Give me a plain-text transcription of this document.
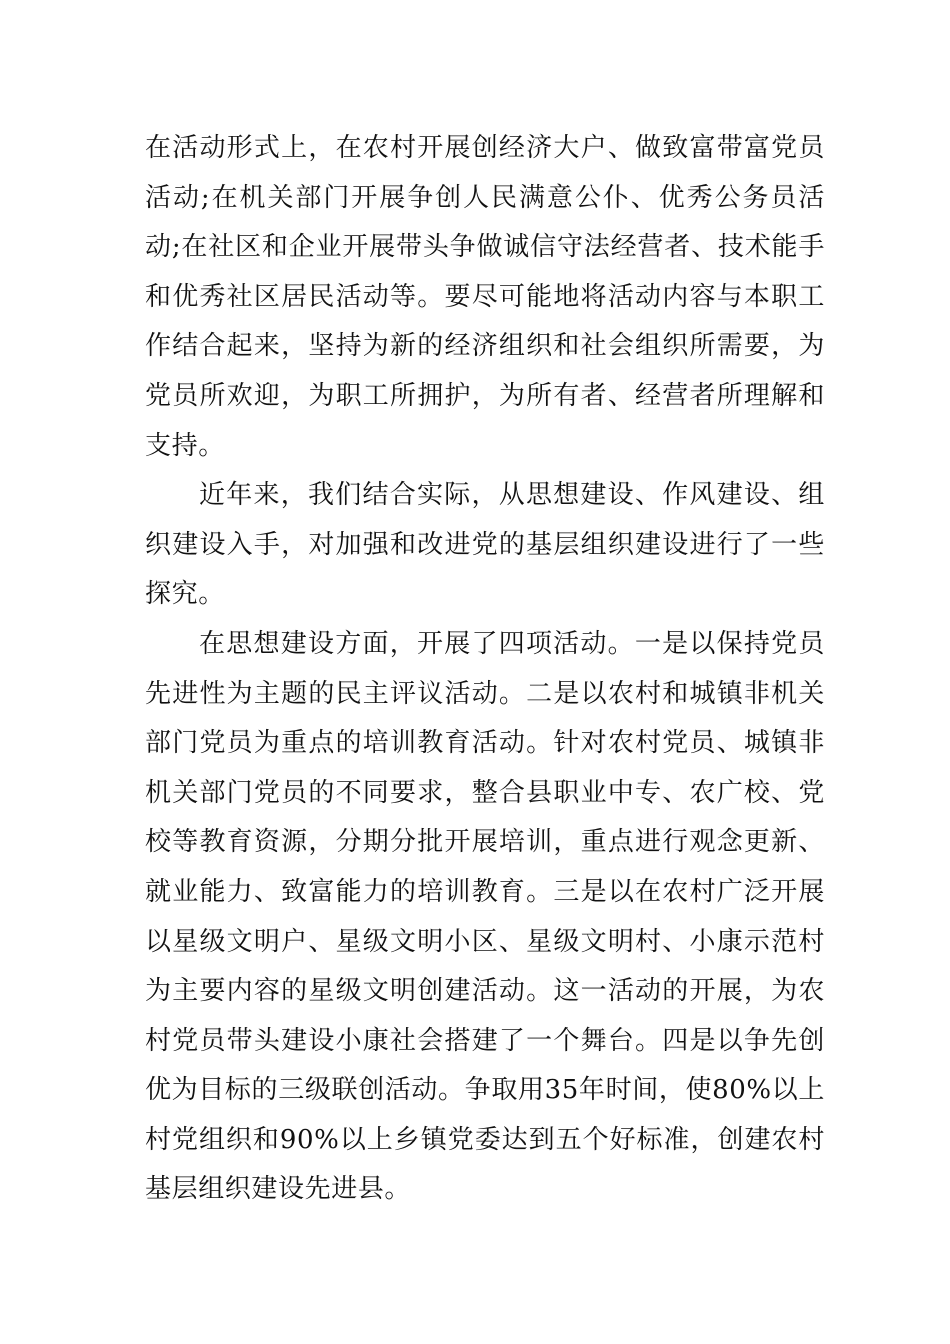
在活动形式上，在农村开展创经济大户、做致富带富党员活动;在机关部门开展争创人民满意公仆、优秀公务员活动;在社区和企业开展带头争做诚信守法经营者、技术能手和优秀社区居民活动等。要尽可能地将活动内容与本职工作结合起来，坚持为新的经济组织和社会组织所需要，为党员所欢迎，为职工所拥护，为所有者、经营者所理解和支持。

近年来，我们结合实际，从思想建设、作风建设、组织建设入手，对加强和改进党的基层组织建设进行了一些探究。

在思想建设方面，开展了四项活动。一是以保持党员先进性为主题的民主评议活动。二是以农村和城镇非机关部门党员为重点的培训教育活动。针对农村党员、城镇非机关部门党员的不同要求，整合县职业中专、农广校、党校等教育资源，分期分批开展培训，重点进行观念更新、就业能力、致富能力的培训教育。三是以在农村广泛开展以星级文明户、星级文明小区、星级文明村、小康示范村为主要内容的星级文明创建活动。这一活动的开展，为农村党员带头建设小康社会搭建了一个舞台。四是以争先创优为目标的三级联创活动。争取用35年时间，使80%以上村党组织和90%以上乡镇党委达到五个好标准，创建农村基层组织建设先进县。
